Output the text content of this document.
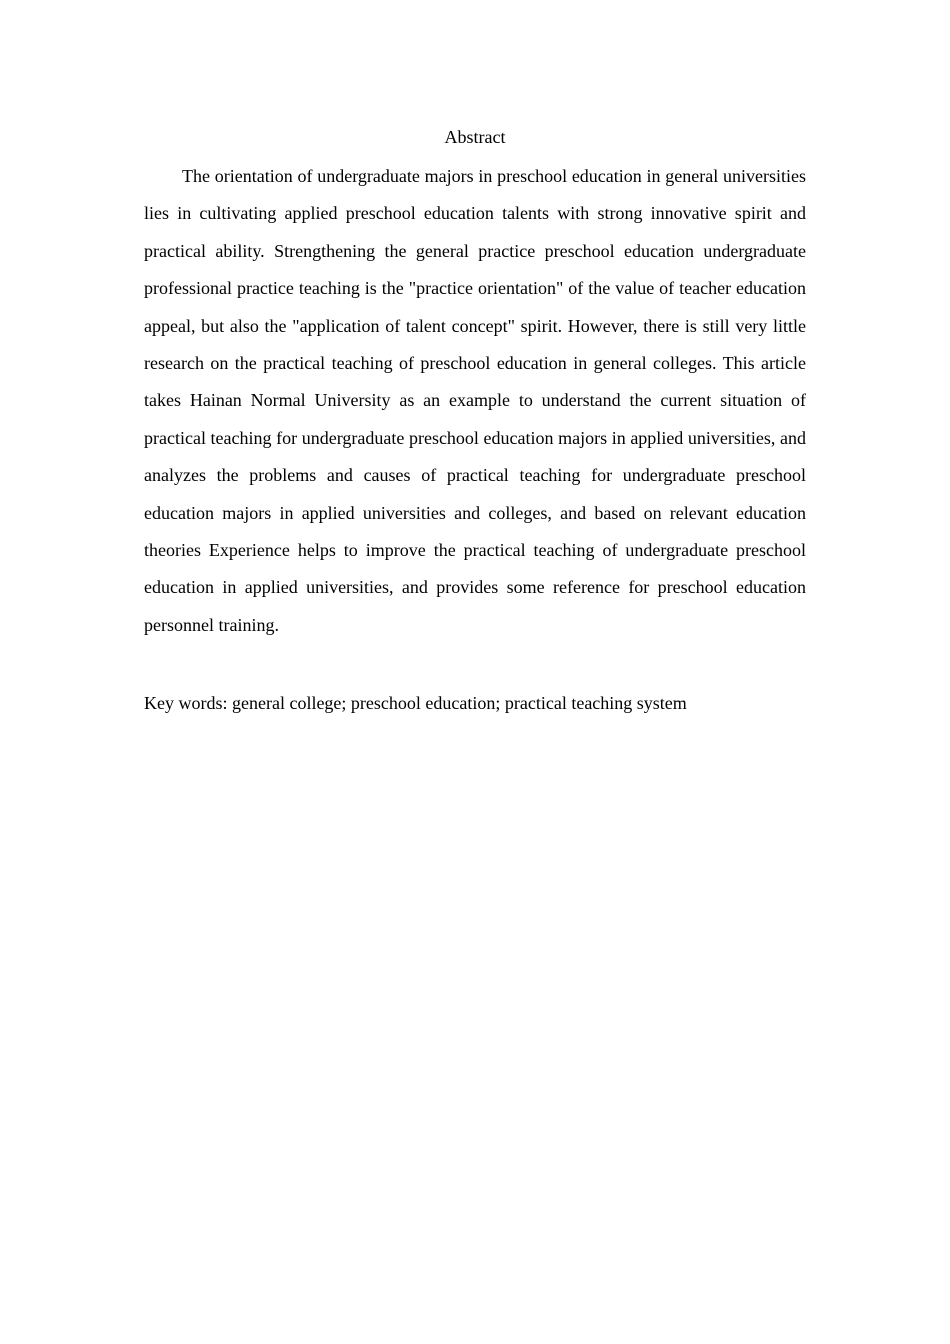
Abstract

The orientation of undergraduate majors in preschool education in general universities lies in cultivating applied preschool education talents with strong innovative spirit and practical ability. Strengthening the general practice preschool education undergraduate professional practice teaching is the "practice orientation" of the value of teacher education appeal, but also the "application of talent concept" spirit. However, there is still very little research on the practical teaching of preschool education in general colleges. This article takes Hainan Normal University as an example to understand the current situation of practical teaching for undergraduate preschool education majors in applied universities, and analyzes the problems and causes of practical teaching for undergraduate preschool education majors in applied universities and colleges, and based on relevant education theories Experience helps to improve the practical teaching of undergraduate preschool education in applied universities, and provides some reference for preschool education personnel training.

Key words: general college; preschool education; practical teaching system
